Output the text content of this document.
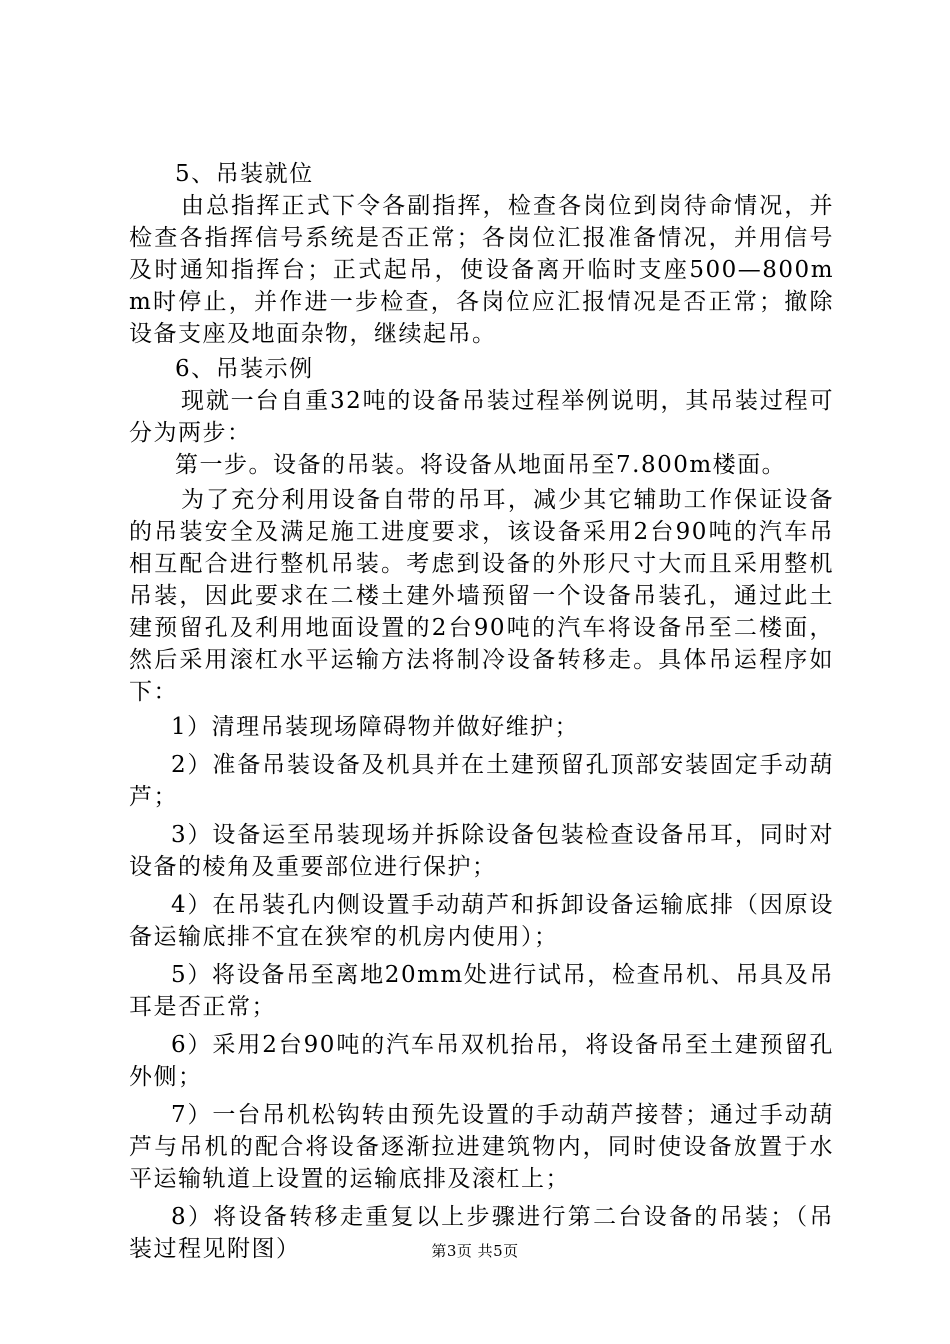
5、吊装就位

由总指挥正式下令各副指挥，检查各岗位到岗待命情况，并检查各指挥信号系统是否正常；各岗位汇报准备情况，并用信号及时通知指挥台；正式起吊，使设备离开临时支座500—800mm时停止，并作进一步检查，各岗位应汇报情况是否正常；撤除设备支座及地面杂物，继续起吊。

6、吊装示例

现就一台自重32吨的设备吊装过程举例说明，其吊装过程可分为两步：

第一步。设备的吊装。将设备从地面吊至7.800m楼面。

为了充分利用设备自带的吊耳，减少其它辅助工作保证设备的吊装安全及满足施工进度要求，该设备采用2台90吨的汽车吊相互配合进行整机吊装。考虑到设备的外形尺寸大而且采用整机吊装，因此要求在二楼土建外墙预留一个设备吊装孔，通过此土建预留孔及利用地面设置的2台90吨的汽车将设备吊至二楼面，然后采用滚杠水平运输方法将制冷设备转移走。具体吊运程序如下：

1）清理吊装现场障碍物并做好维护；

2）准备吊装设备及机具并在土建预留孔顶部安装固定手动葫芦；

3）设备运至吊装现场并拆除设备包装检查设备吊耳，同时对设备的棱角及重要部位进行保护；

4）在吊装孔内侧设置手动葫芦和拆卸设备运输底排（因原设备运输底排不宜在狭窄的机房内使用）；

5）将设备吊至离地20mm处进行试吊，检查吊机、吊具及吊耳是否正常；

6）采用2台90吨的汽车吊双机抬吊，将设备吊至土建预留孔外侧；

7）一台吊机松钩转由预先设置的手动葫芦接替；通过手动葫芦与吊机的配合将设备逐渐拉进建筑物内，同时使设备放置于水平运输轨道上设置的运输底排及滚杠上；

8）将设备转移走重复以上步骤进行第二台设备的吊装；（吊装过程见附图）	第3页 共5页
